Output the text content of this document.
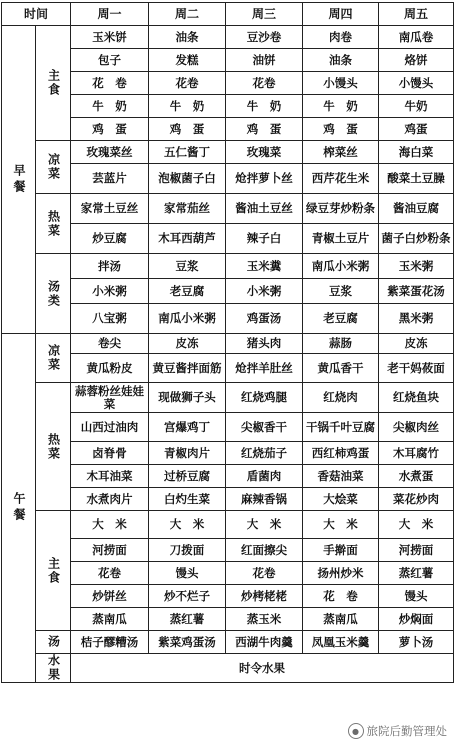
时间		周一	周二	周三	周四	周五

早餐	主食	玉米饼	油条	豆沙卷	肉卷	南瓜卷
		包子	发糕	油饼	油条	烙饼
		花　卷	花卷	花卷	小馒头	小馒头
		牛　奶	牛　奶	牛　奶	牛　奶	牛奶
		鸡　蛋	鸡　蛋	鸡　蛋	鸡　蛋	鸡蛋

	凉菜	玫瑰菜丝	五仁酱丁	玫瑰菜	榨菜丝	海白菜
		芸蓝片	泡椒菌子白	炝拌萝卜丝	西芹花生米	酸菜土豆臊

	热菜	家常土豆丝	家常茄丝	酱油土豆丝	绿豆芽炒粉条	酱油豆腐
		炒豆腐	木耳西葫芦	辣子白	青椒土豆片	菌子白炒粉条

	汤类	拌汤	豆浆	玉米糞	南瓜小米粥	玉米粥
		小米粥	老豆腐	小米粥	豆浆	紫菜蛋花汤
		八宝粥	南瓜小米粥	鸡蛋汤	老豆腐	黑米粥

午餐	凉菜	卷尖	皮冻	猪头肉	蒜肠	皮冻
		黄瓜粉皮	黄豆酱拌面筋	炝拌羊肚丝	黄瓜香干	老干妈莜面

	热菜	蒜蓉粉丝娃娃菜	现做狮子头	红烧鸡腿	红烧肉	红烧鱼块
		山西过油肉	宫爆鸡丁	尖椒香干	干锅千叶豆腐	尖椒肉丝
		卤脊骨	青椒肉片	红烧茄子	西红柿鸡蛋	木耳腐竹
		木耳油菜	过桥豆腐	盾菌肉	香菇油菜	水煮蛋
		水煮肉片	白灼生菜	麻辣香锅	大烩菜	菜花炒肉

	主食	大　米	大　米	大　米	大　米	大　米
		河捞面	刀拨面	红面擦尖	手擀面	河捞面
		花卷	馒头	花卷	扬州炒米	蒸红薯
		炒饼丝	炒不烂子	炒栲栳栳	花　卷	馒头
		蒸南瓜	蒸红薯	蒸玉米	蒸南瓜	炒焖面

	汤	桔子醪糟汤	紫菜鸡蛋汤	西湖牛肉羹	凤凰玉米羹	萝卜汤

	水果	时令水果				
● 旅院后勤管理处
